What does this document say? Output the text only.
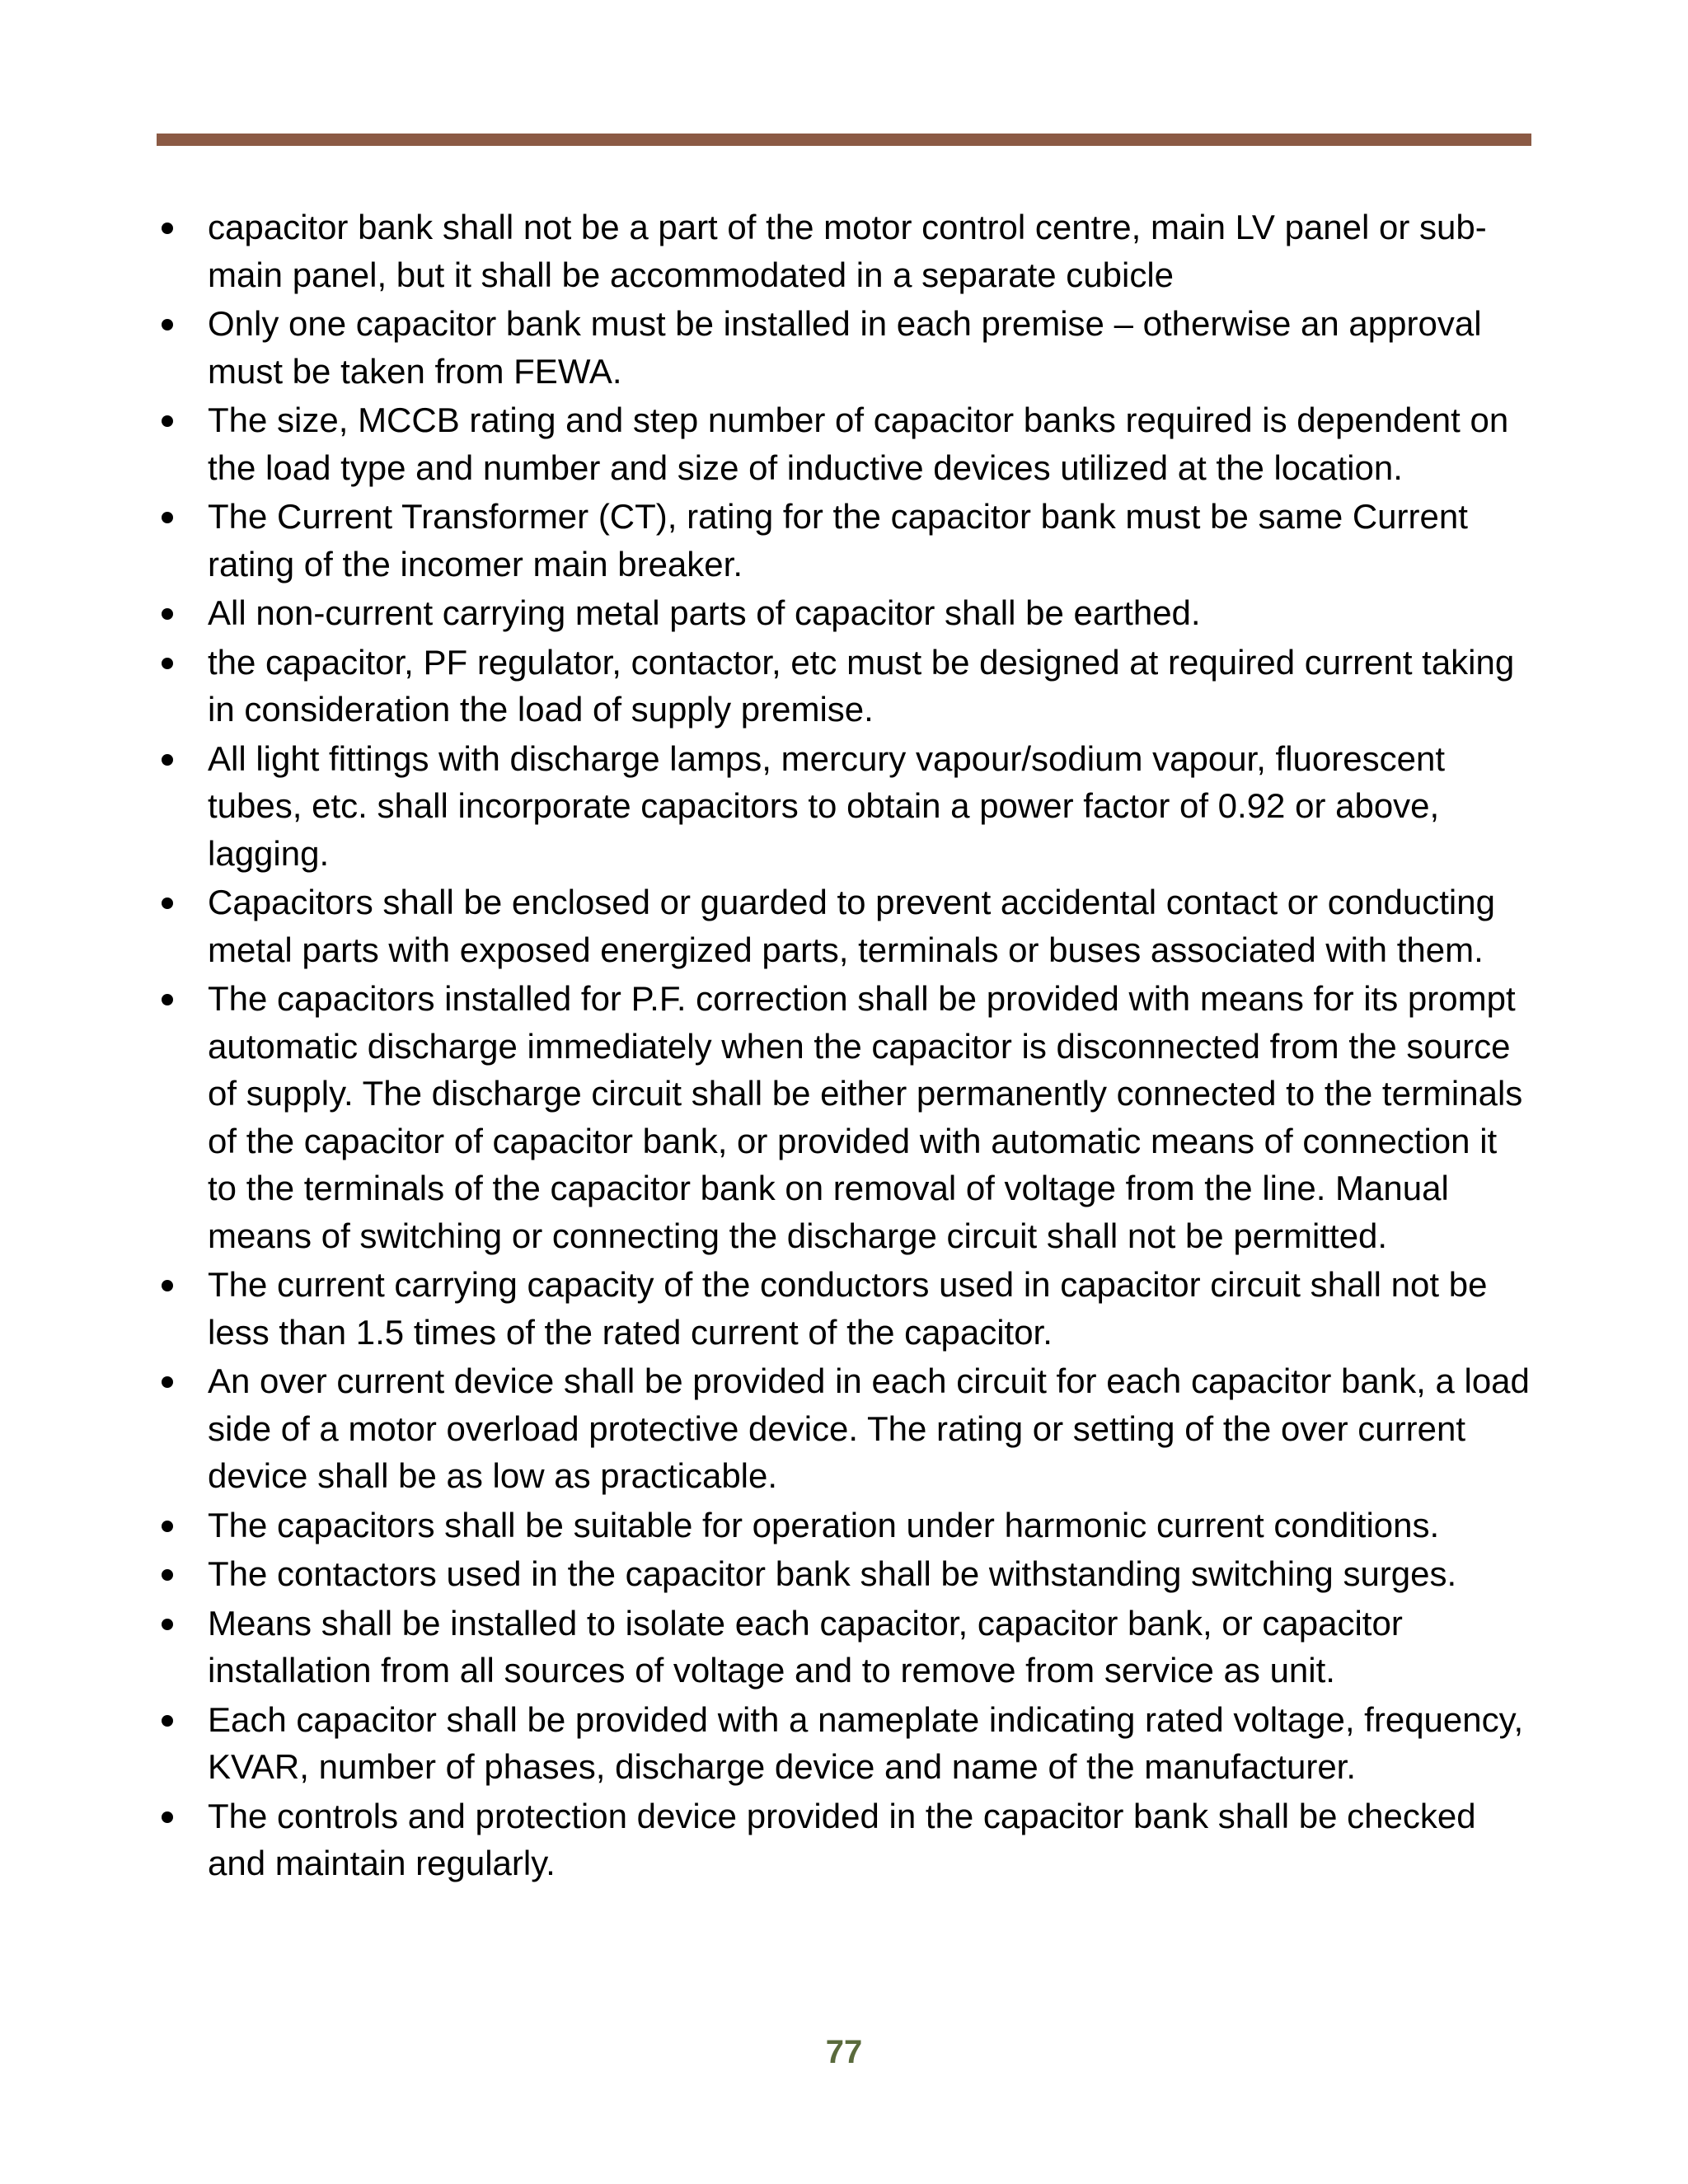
capacitor bank shall not be a part of the motor control centre, main LV panel or sub-main panel, but it shall be accommodated in a separate cubicle
Only one capacitor bank must be installed in each premise – otherwise an approval must be taken from FEWA.
The size, MCCB rating and step number of capacitor banks required is dependent on the load type and number and size of inductive devices utilized at the location.
The Current Transformer (CT), rating for the capacitor bank must be same Current rating of the incomer main breaker.
All non-current carrying metal parts of capacitor shall be earthed.
the capacitor, PF regulator, contactor, etc must be designed at required current taking in consideration the load of supply premise.
All light fittings with discharge lamps, mercury vapour/sodium vapour, fluorescent tubes, etc. shall incorporate capacitors to obtain a power factor of 0.92 or above, lagging.
Capacitors shall be enclosed or guarded to prevent accidental contact or conducting metal parts with exposed energized parts, terminals or buses associated with them.
The capacitors installed for P.F. correction shall be provided with means for its prompt automatic discharge immediately when the capacitor is disconnected from the source of supply. The discharge circuit shall be either permanently connected to the terminals of the capacitor of capacitor bank, or provided with automatic means of connection it to the terminals of the capacitor bank on removal of voltage from the line. Manual means of switching or connecting the discharge circuit shall not be permitted.
The current carrying capacity of the conductors used in capacitor circuit shall not be less than 1.5 times of the rated current of the capacitor.
An over current device shall be provided in each circuit for each capacitor bank, a load side of a motor overload protective device. The rating or setting of the over current device shall be as low as practicable.
The capacitors shall be suitable for operation under harmonic current conditions.
The contactors used in the capacitor bank shall be withstanding switching surges.
Means shall be installed to isolate each capacitor, capacitor bank, or capacitor installation from all sources of voltage and to remove from service as unit.
Each capacitor shall be provided with a nameplate indicating rated voltage, frequency, KVAR, number of phases, discharge device and name of the manufacturer.
The controls and protection device provided in the capacitor bank shall be checked and maintain regularly.
77
